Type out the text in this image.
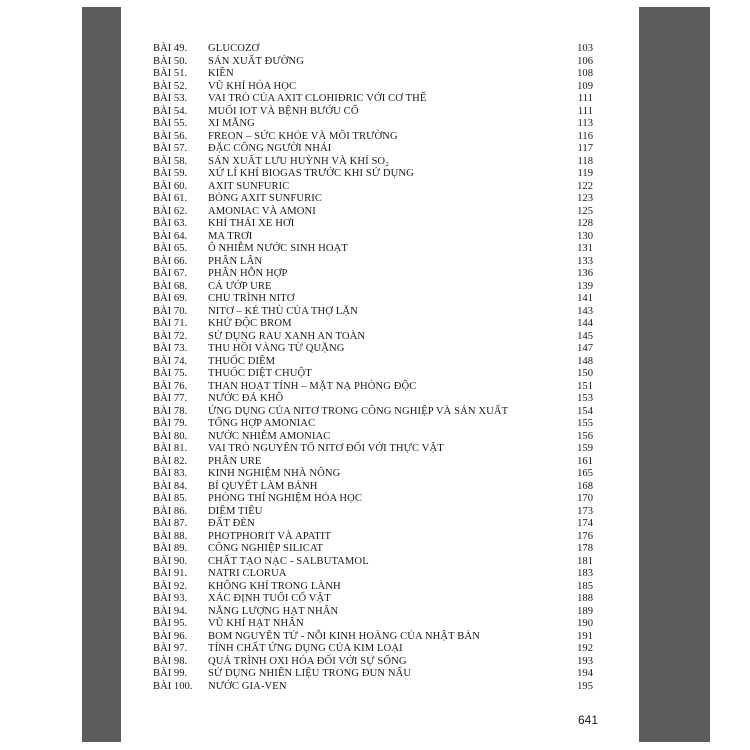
BÀI 49. GLUCOZƠ	103
BÀI 50. SẢN XUẤT ĐƯỜNG	106
BÀI 51. KIỀN	108
BÀI 52. VŨ KHÍ HÓA HỌC	109
BÀI 53. VAI TRÒ CỦA AXIT CLOHIĐRIC VỚI CƠ THỂ	111
BÀI 54. MUỐI IOT VÀ BỆNH BƯỚU CỔ	111
BÀI 55. XI MĂNG	113
BÀI 56. FREON – SỨC KHỎE VÀ MÔI TRƯỜNG	116
BÀI 57. ĐẶC CÔNG NGƯỜI NHÁI	117
BÀI 58. SẢN XUẤT LƯU HUỲNH VÀ KHÍ SO₂	118
BÀI 59. XỬ LÍ KHÍ BIOGAS TRƯỚC KHI SỬ DỤNG	119
BÀI 60. AXIT SUNFURIC	122
BÀI 61. BỎNG AXIT SUNFURIC	123
BÀI 62. AMONIAC VÀ AMONI	125
BÀI 63. KHÍ THẢI XE HƠI	128
BÀI 64. MA TRƠI	130
BÀI 65. Ô NHIỄM NƯỚC SINH HOẠT	131
BÀI 66. PHÂN LÂN	133
BÀI 67. PHÂN HỖN HỢP	136
BÀI 68. CÁ ƯỚP URE	139
BÀI 69. CHU TRÌNH NITƠ	141
BÀI 70. NITƠ – KẺ THÙ CỦA THỢ LẶN	143
BÀI 71. KHỬ ĐỘC BROM	144
BÀI 72. SỬ DỤNG RAU XANH AN TOÀN	145
BÀI 73. THU HỒI VÀNG TỪ QUẶNG	147
BÀI 74. THUỐC DIÊM	148
BÀI 75. THUỐC DIỆT CHUỘT	150
BÀI 76. THAN HOẠT TÍNH – MẶT NẠ PHÒNG ĐỘC	151
BÀI 77. NƯỚC ĐÁ KHÔ	153
BÀI 78. ỨNG DỤNG CỦA NITƠ TRONG CÔNG NGHIỆP VÀ SẢN XUẤT	154
BÀI 79. TỔNG HỢP AMONIAC	155
BÀI 80. NƯỚC NHIỄM AMONIAC	156
BÀI 81. VAI TRÒ NGUYÊN TỐ NITƠ ĐỐI VỚI THỰC VẬT	159
BÀI 82. PHÂN URE	161
BÀI 83. KINH NGHIỆM NHÀ NÔNG	165
BÀI 84. BÍ QUYẾT LÀM BÁNH	168
BÀI 85. PHÒNG THÍ NGHIỆM HÓA HỌC	170
BÀI 86. DIÊM TIÊU	173
BÀI 87. ĐẤT ĐÈN	174
BÀI 88. PHOTPHORIT VÀ APATIT	176
BÀI 89. CÔNG NGHIỆP SILICAT	178
BÀI 90. CHẤT TẠO NẠC - SALBUTAMOL	181
BÀI 91. NATRI CLORUA	183
BÀI 92. KHÔNG KHÍ TRONG LÀNH	185
BÀI 93. XÁC ĐỊNH TUỔI CỔ VẬT	188
BÀI 94. NĂNG LƯỢNG HẠT NHÂN	189
BÀI 95. VŨ KHÍ HẠT NHÂN	190
BÀI 96. BOM NGUYÊN TỬ - NỖI KINH HOÀNG CỦA NHẬT BẢN	191
BÀI 97. TÍNH CHẤT ỨNG DỤNG CỦA KIM LOẠI	192
BÀI 98. QUÁ TRÌNH OXI HÓA ĐỐI VỚI SỰ SỐNG	193
BÀI 99. SỬ DỤNG NHIÊN LIỆU TRONG ĐUN NẤU	194
BÀI 100. NƯỚC GIA-VEN	195
641
